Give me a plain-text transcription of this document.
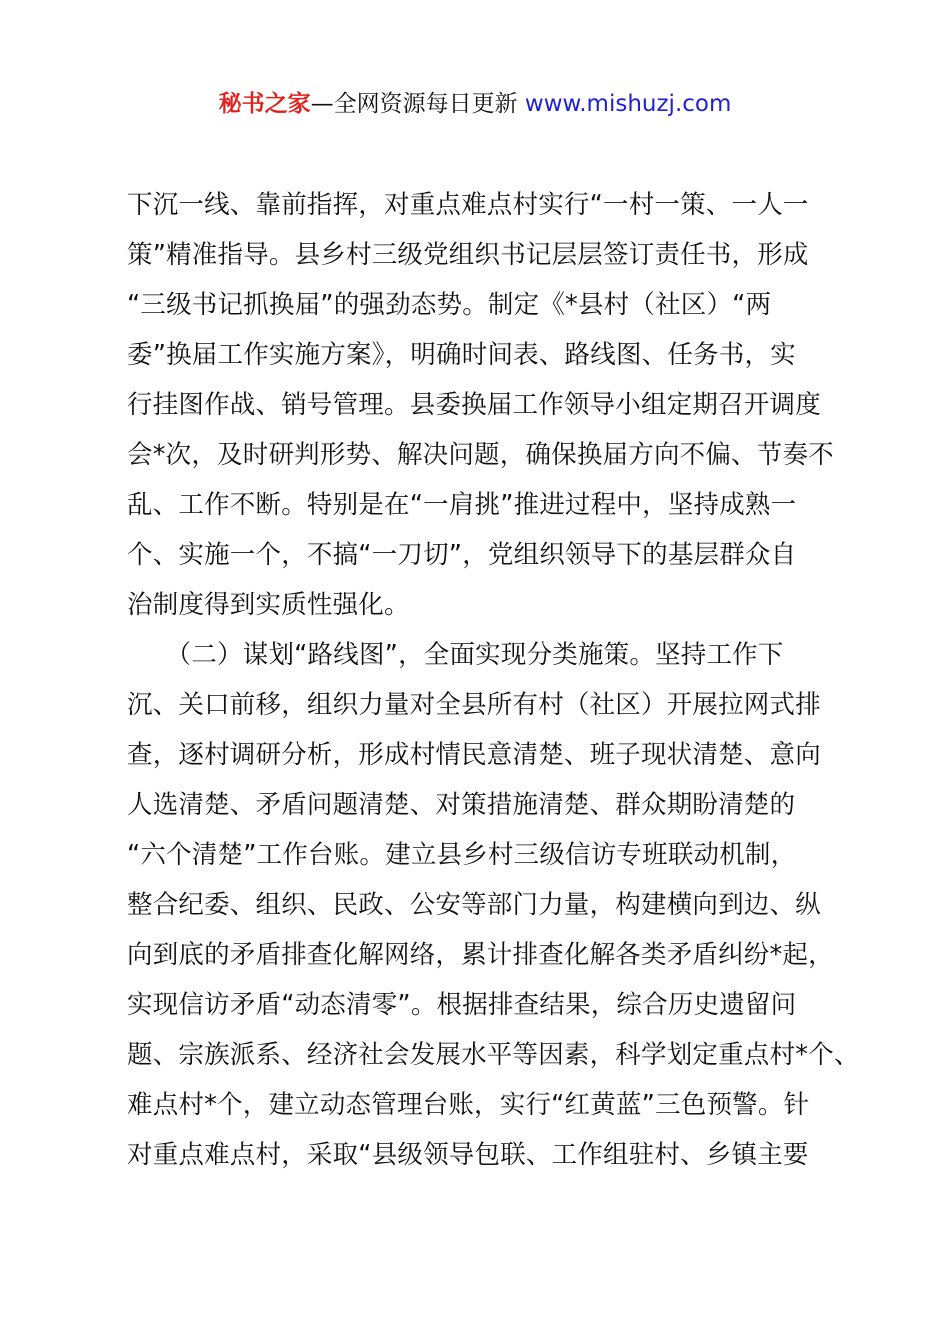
秘书之家—全网资源每日更新 www.mishuzj.com
下沉一线、靠前指挥，对重点难点村实行“一村一策、一人一
策”精准指导。县乡村三级党组织书记层层签订责任书，形成
“三级书记抓换届”的强劲态势。制定《*县村（社区）“两
委”换届工作实施方案》，明确时间表、路线图、任务书，实
行挂图作战、销号管理。县委换届工作领导小组定期召开调度
会*次，及时研判形势、解决问题，确保换届方向不偏、节奏不
乱、工作不断。特别是在“一肩挑”推进过程中，坚持成熟一
个、实施一个，不搞“一刀切”，党组织领导下的基层群众自
治制度得到实质性强化。
　　（二）谋划“路线图”，全面实现分类施策。坚持工作下
沉、关口前移，组织力量对全县所有村（社区）开展拉网式排
查，逐村调研分析，形成村情民意清楚、班子现状清楚、意向
人选清楚、矛盾问题清楚、对策措施清楚、群众期盼清楚的
“六个清楚”工作台账。建立县乡村三级信访专班联动机制，
整合纪委、组织、民政、公安等部门力量，构建横向到边、纵
向到底的矛盾排查化解网络，累计排查化解各类矛盾纠纷*起，
实现信访矛盾“动态清零”。根据排查结果，综合历史遗留问
题、宗族派系、经济社会发展水平等因素，科学划定重点村*个、
难点村*个，建立动态管理台账，实行“红黄蓝”三色预警。针
对重点难点村，采取“县级领导包联、工作组驻村、乡镇主要
